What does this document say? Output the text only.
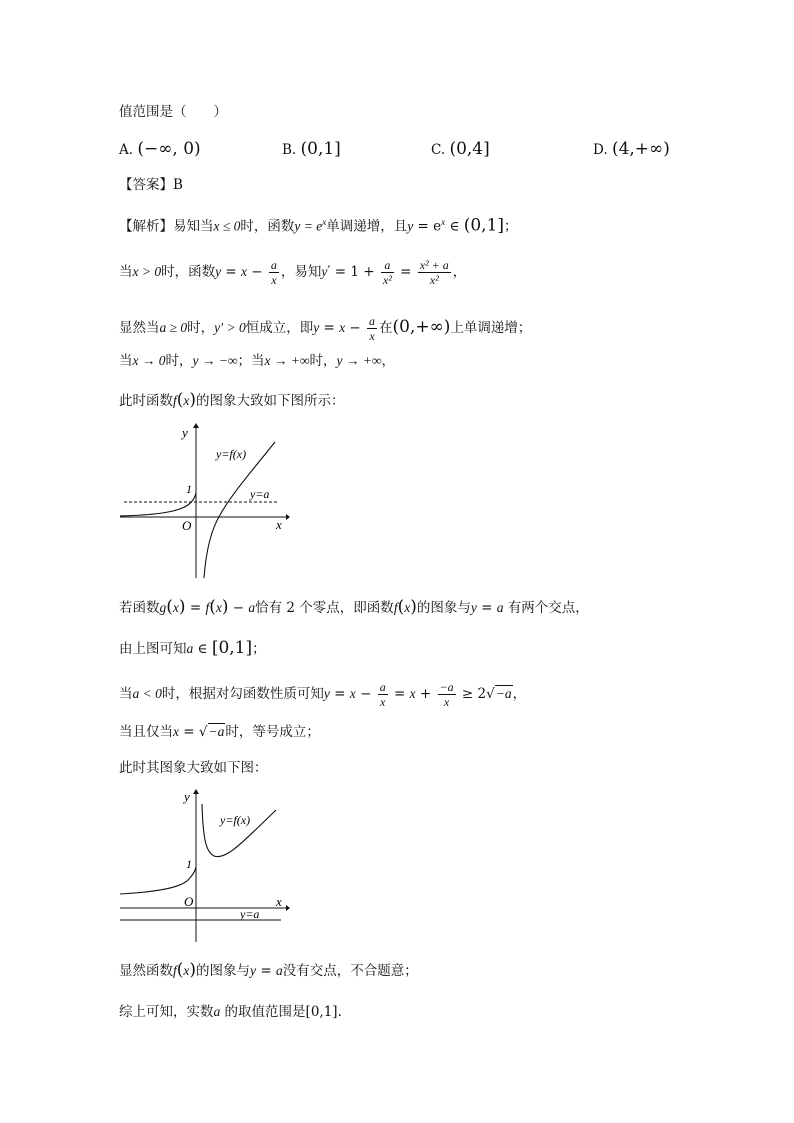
值范围是（　　）
A. (−∞, 0)	B. (0,1]	C. (0,4]	D. (4,+∞)
【答案】B
【解析】易知当x ≤ 0时，函数$y = e^x$单调递增，且$y = e^x$ ∈ (0,1]；
当x > 0时，函数$y = x - \frac{a}{x}$ ，易知$y' = 1 + \frac{a}{\text{x²}} = \frac{\text{x² + a}}{\text{x²}}$ ，
显然当a ≥ 0时，y′ > 0恒成立，即$y = x - \frac{a}{x}$ 在(0,+∞)上单调递增；
当x → 0时，y → −∞；当x → +∞时，y → +∞，
此时函数f(x)的图象大致如下图所示：
y
x
O
1
y=f(x)
y=a
若函数g(x) = f(x) − a恰有 2 个零点，即函数f(x)的图象与y = a 有两个交点，
由上图可知a ∈ [0,1]；
当a < 0时，根据对勾函数性质可知$y = x - \frac{a}{x} = x + \frac{-a}{x} \ge 2√-a$，
当且仅当x = √−a时，等号成立；
此时其图象大致如下图：
y
x
O
1
y=f(x)
y=a
显然函数f(x)的图象与y = a没有交点，不合题意；
综上可知，实数a 的取值范围是[0,1].
